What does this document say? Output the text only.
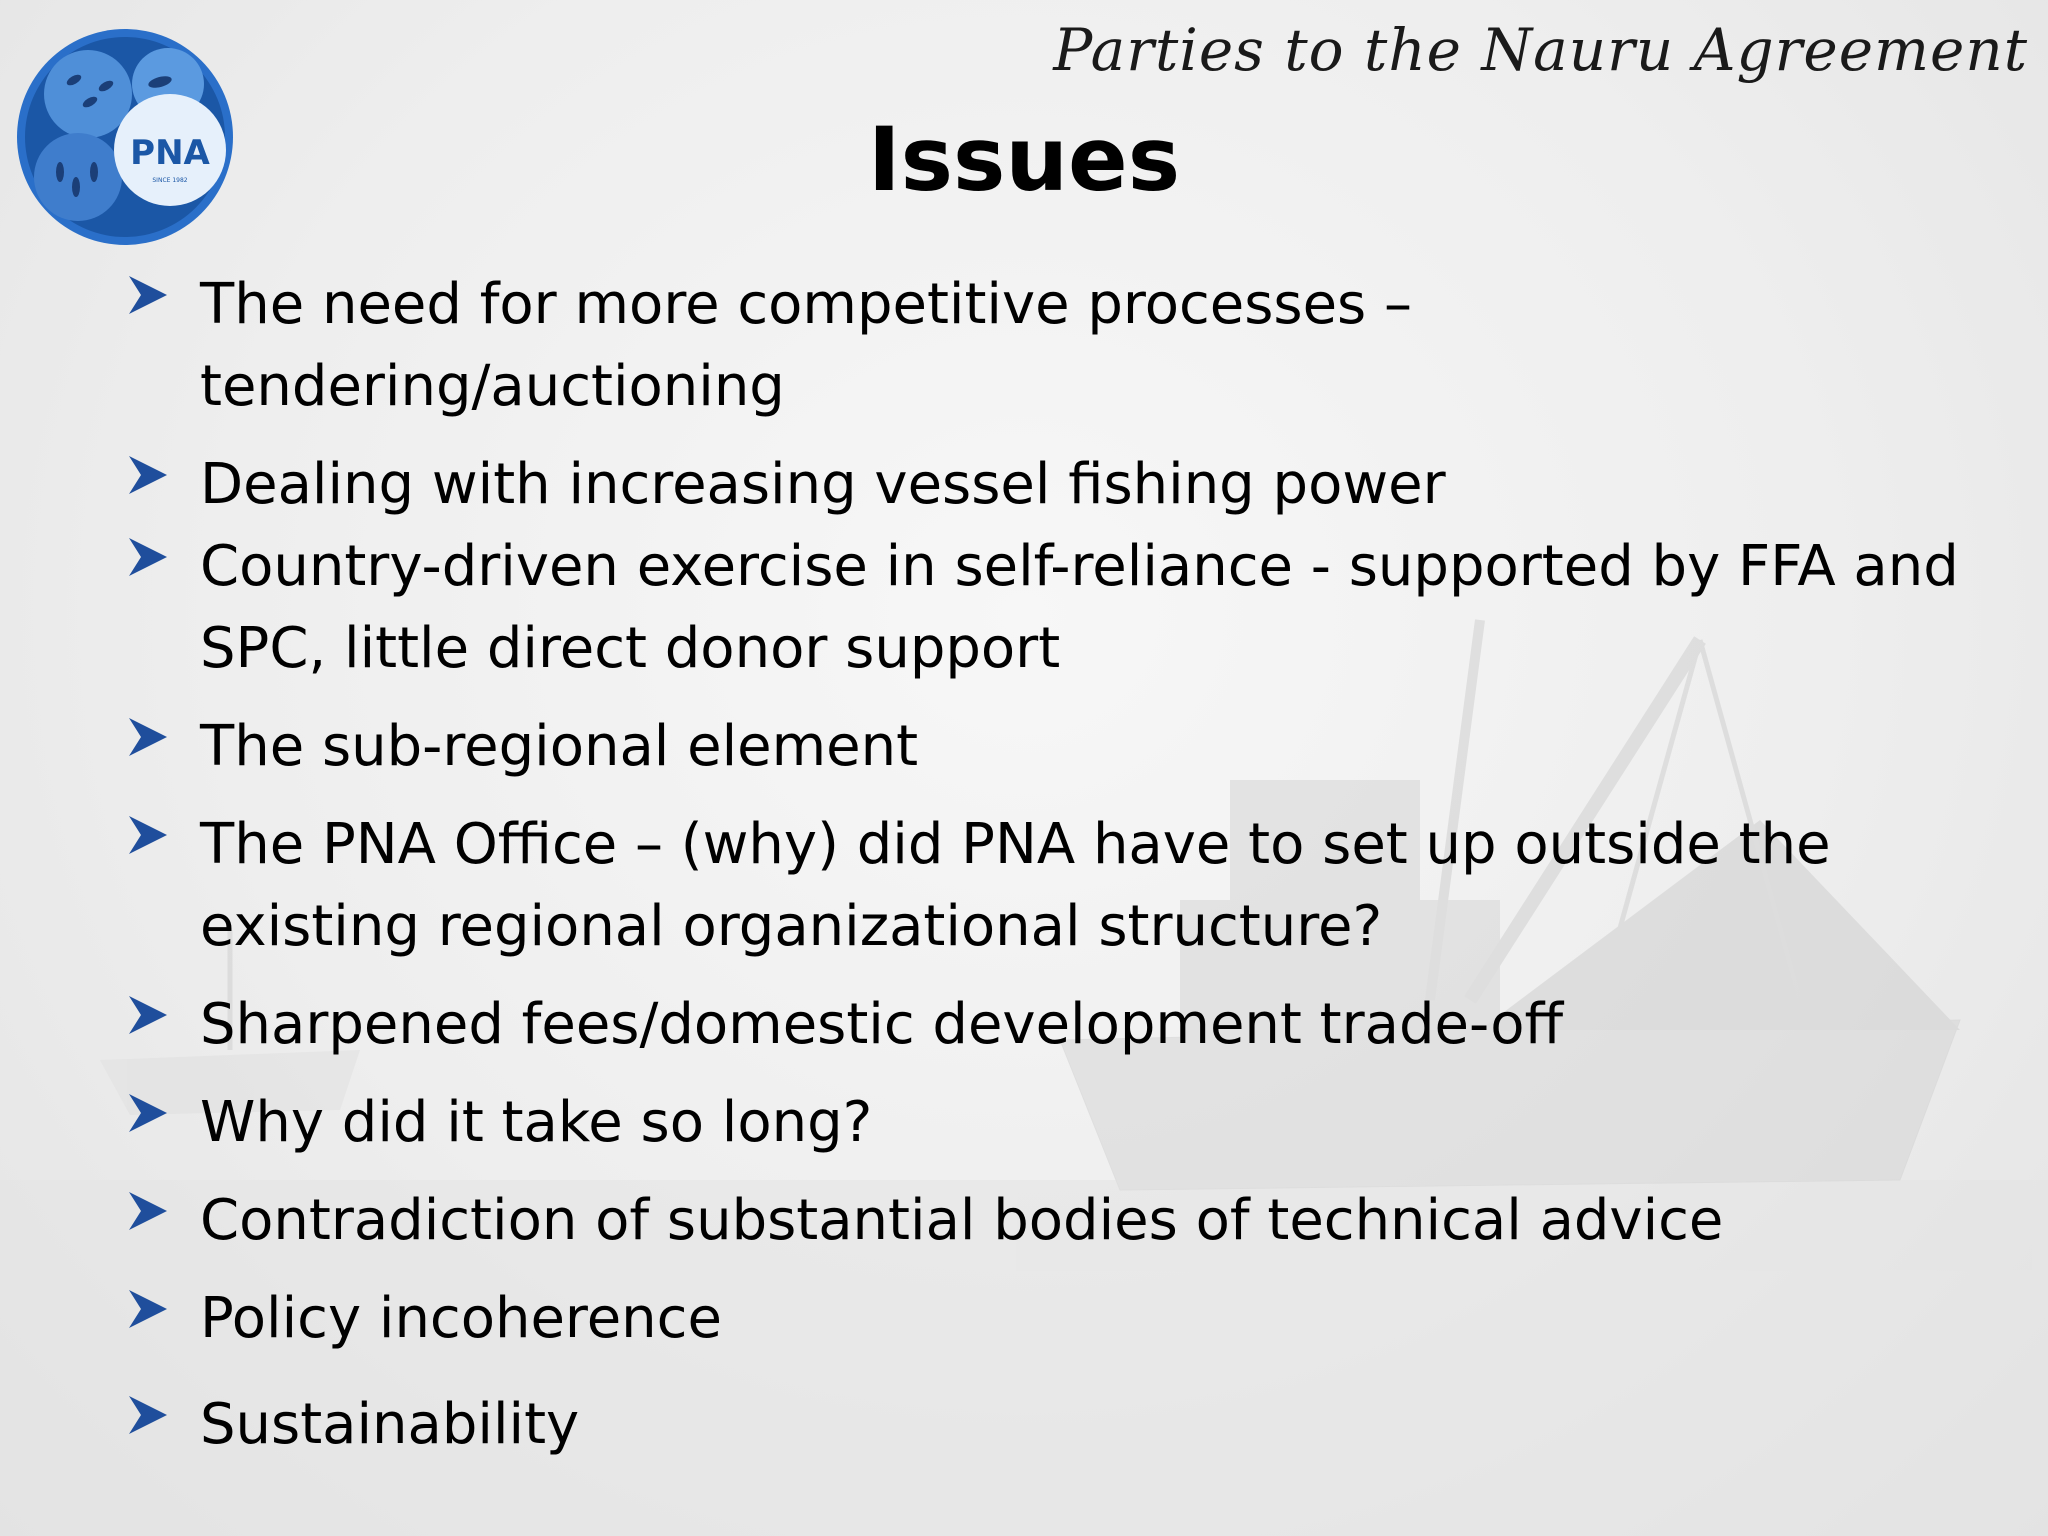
PNA
SINCE 1982
Parties to the Nauru Agreement
Issues
The need for more competitive processes –
tendering/auctioning
Dealing with increasing vessel fishing power
Country-driven exercise in self-reliance - supported by FFA and
SPC, little direct donor support
The sub-regional element
The PNA Office – (why) did PNA have to set up outside the
existing regional organizational structure?
Sharpened fees/domestic development trade-off
Why did it take so long?
Contradiction of substantial bodies of technical advice
Policy incoherence
Sustainability
